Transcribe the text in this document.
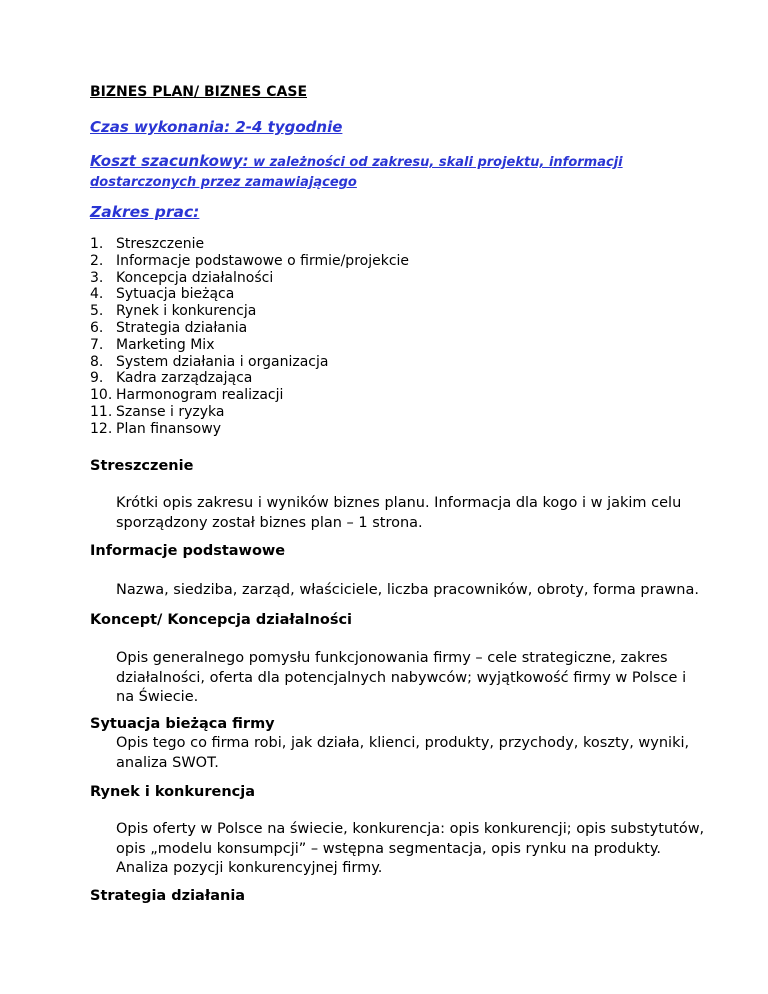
BIZNES PLAN/ BIZNES CASE
Czas wykonania: 2-4 tygodnie
Koszt szacunkowy: w zależności od zakresu, skali projektu, informacji dostarczonych przez zamawiającego
Zakres prac:
1. Streszczenie
2. Informacje podstawowe o firmie/projekcie
3. Koncepcja działalności
4. Sytuacja bieżąca
5. Rynek i konkurencja
6. Strategia działania
7. Marketing Mix
8. System działania i organizacja
9. Kadra zarządzająca
10. Harmonogram realizacji
11. Szanse i ryzyka
12. Plan finansowy
Streszczenie
Krótki opis zakresu i wyników biznes planu. Informacja dla kogo i w jakim celu sporządzony został biznes plan – 1 strona.
Informacje podstawowe
Nazwa, siedziba, zarząd, właściciele, liczba pracowników, obroty, forma prawna.
Koncept/ Koncepcja działalności
Opis generalnego pomysłu funkcjonowania firmy – cele strategiczne, zakres działalności, oferta dla potencjalnych nabywców; wyjątkowość firmy w Polsce i na Świecie.
Sytuacja bieżąca firmy
Opis tego co firma robi, jak działa, klienci, produkty, przychody, koszty, wyniki, analiza SWOT.
Rynek i konkurencja
Opis oferty w Polsce na świecie, konkurencja: opis konkurencji; opis substytutów, opis „modelu konsumpcji” – wstępna segmentacja, opis rynku na produkty. Analiza pozycji konkurencyjnej firmy.
Strategia działania
